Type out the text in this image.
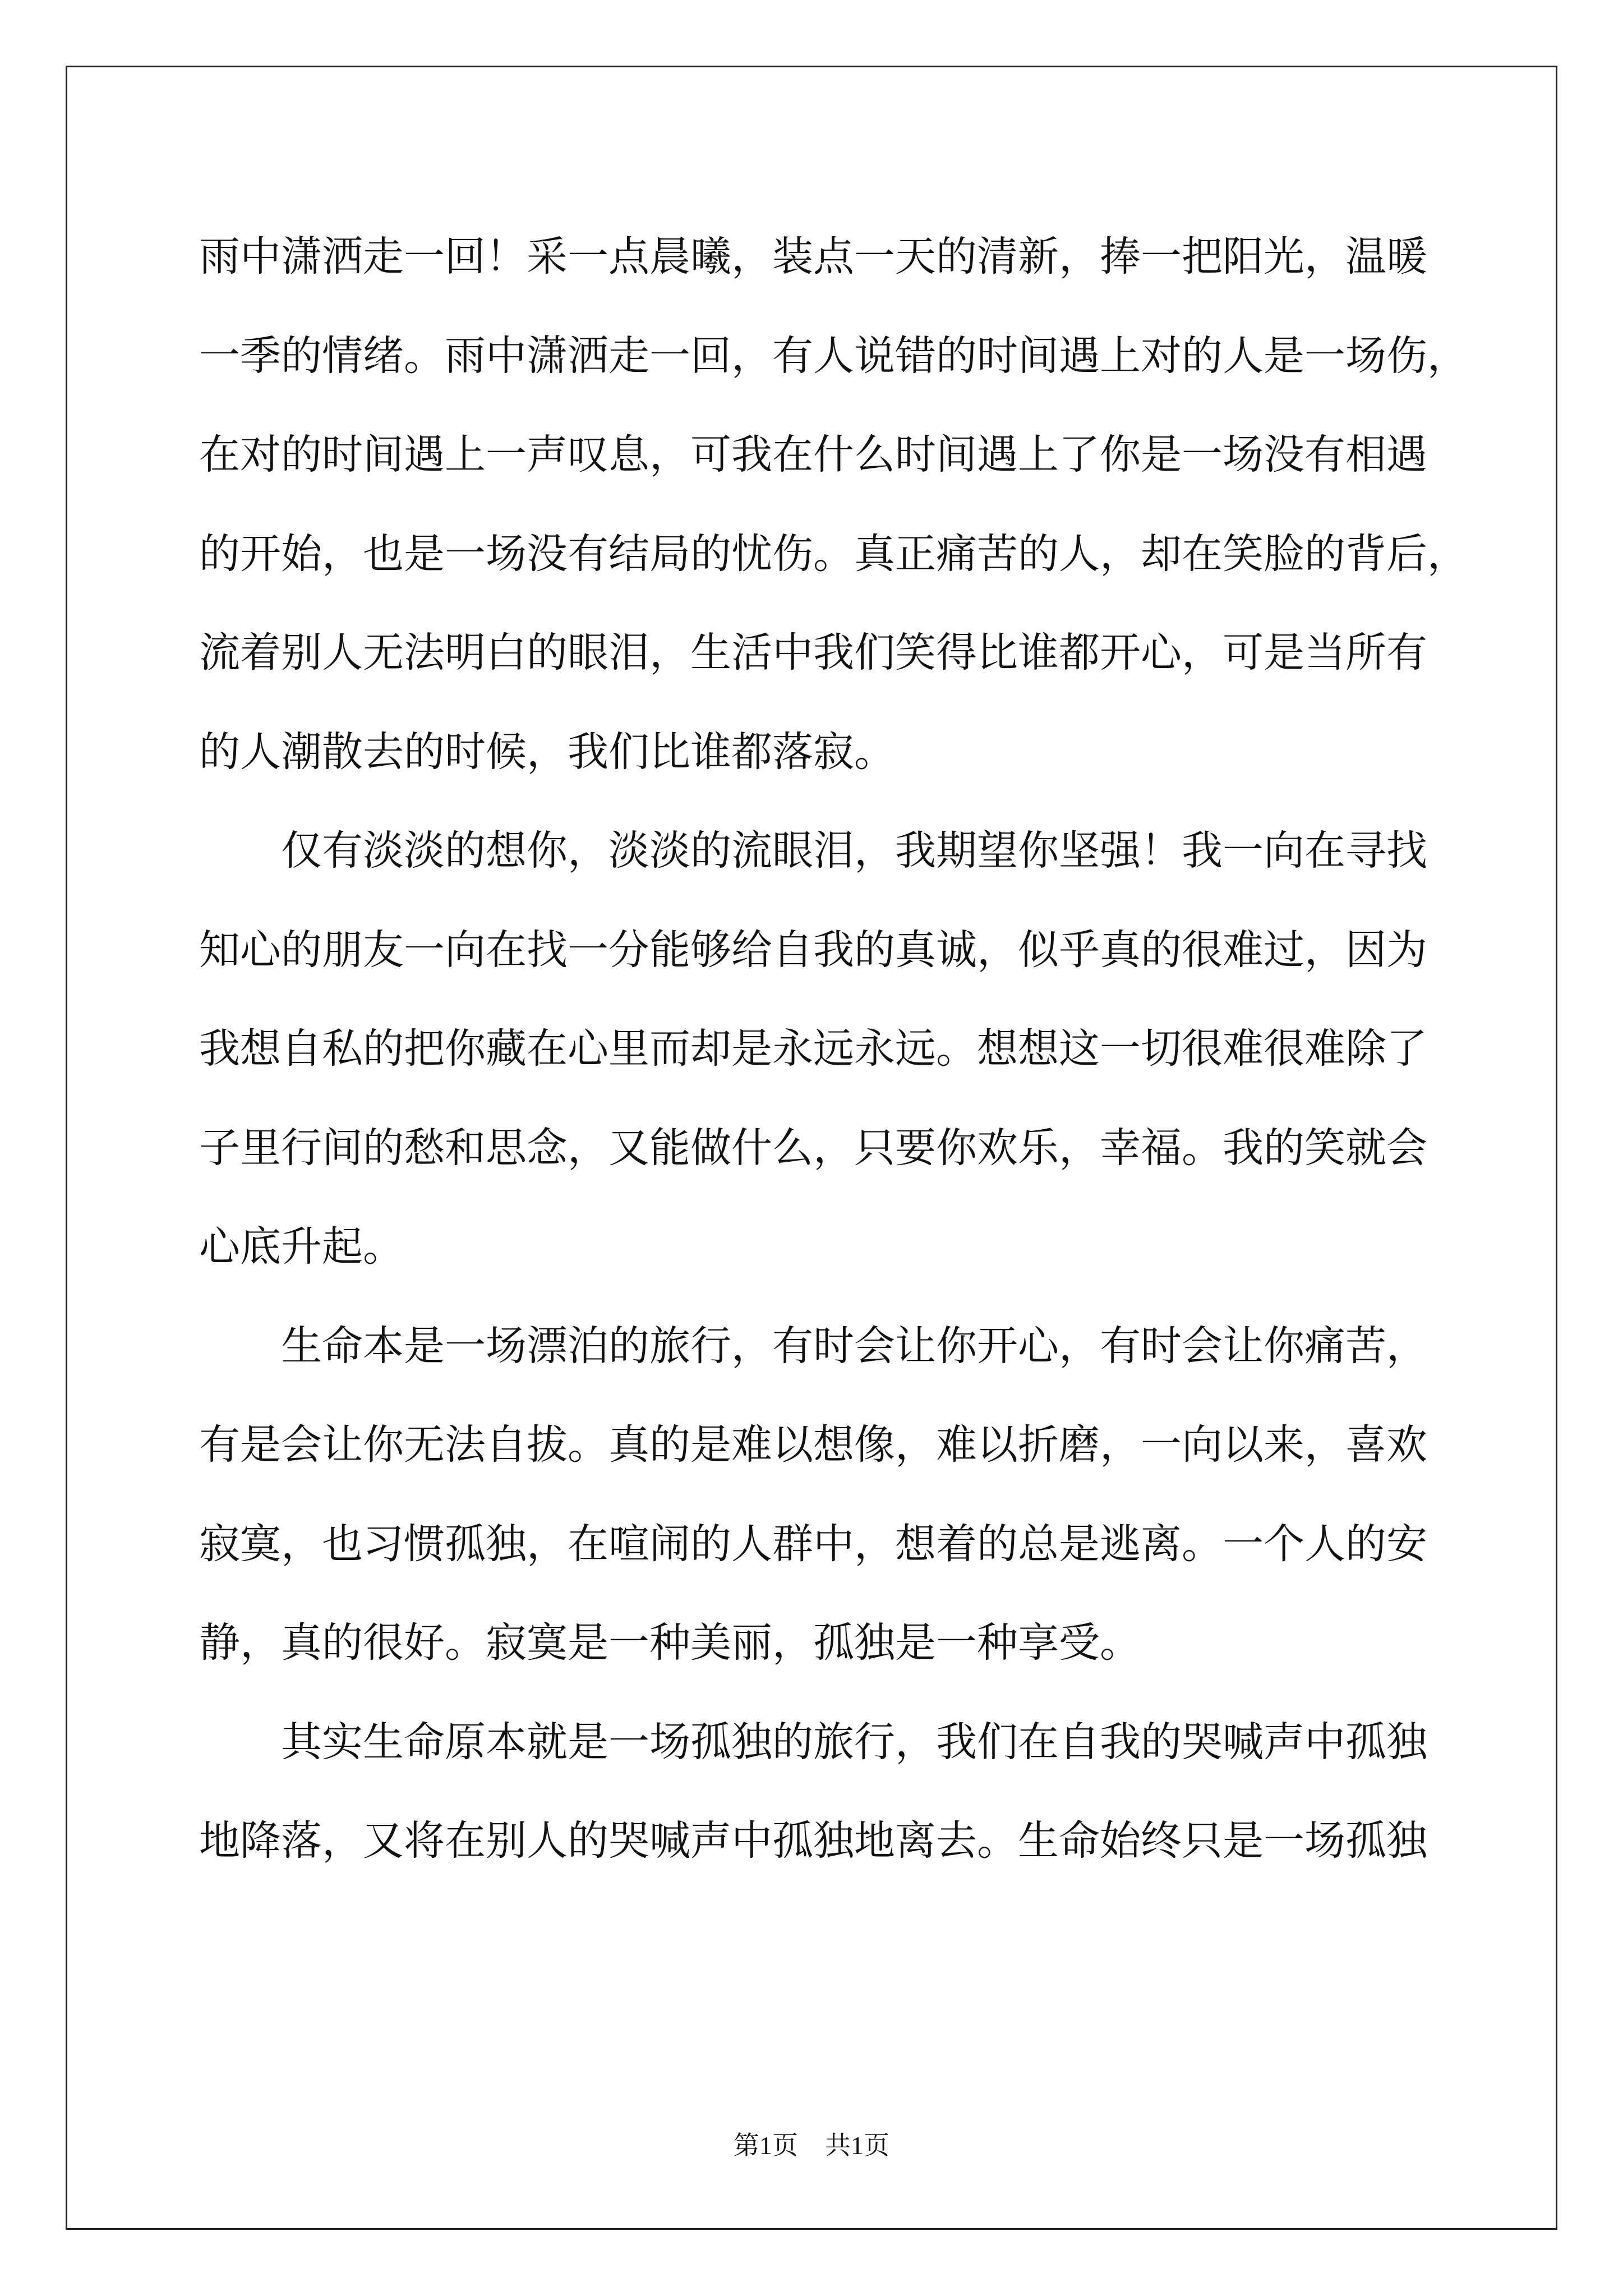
雨中潇洒走一回！采一点晨曦，装点一天的清新，捧一把阳光，温暖
一季的情绪。雨中潇洒走一回，有人说错的时间遇上对的人是一场伤，
在对的时间遇上一声叹息，可我在什么时间遇上了你是一场没有相遇
的开始，也是一场没有结局的忧伤。真正痛苦的人，却在笑脸的背后，
流着别人无法明白的眼泪，生活中我们笑得比谁都开心，可是当所有
的人潮散去的时候，我们比谁都落寂。
仅有淡淡的想你，淡淡的流眼泪，我期望你坚强！我一向在寻找
知心的朋友一向在找一分能够给自我的真诚，似乎真的很难过，因为
我想自私的把你藏在心里而却是永远永远。想想这一切很难很难除了
子里行间的愁和思念，又能做什么，只要你欢乐，幸福。我的笑就会
心底升起。
生命本是一场漂泊的旅行，有时会让你开心，有时会让你痛苦，
有是会让你无法自拔。真的是难以想像，难以折磨，一向以来，喜欢
寂寞，也习惯孤独，在喧闹的人群中，想着的总是逃离。一个人的安
静，真的很好。寂寞是一种美丽，孤独是一种享受。
其实生命原本就是一场孤独的旅行，我们在自我的哭喊声中孤独
地降落，又将在别人的哭喊声中孤独地离去。生命始终只是一场孤独
第1页 共1页
